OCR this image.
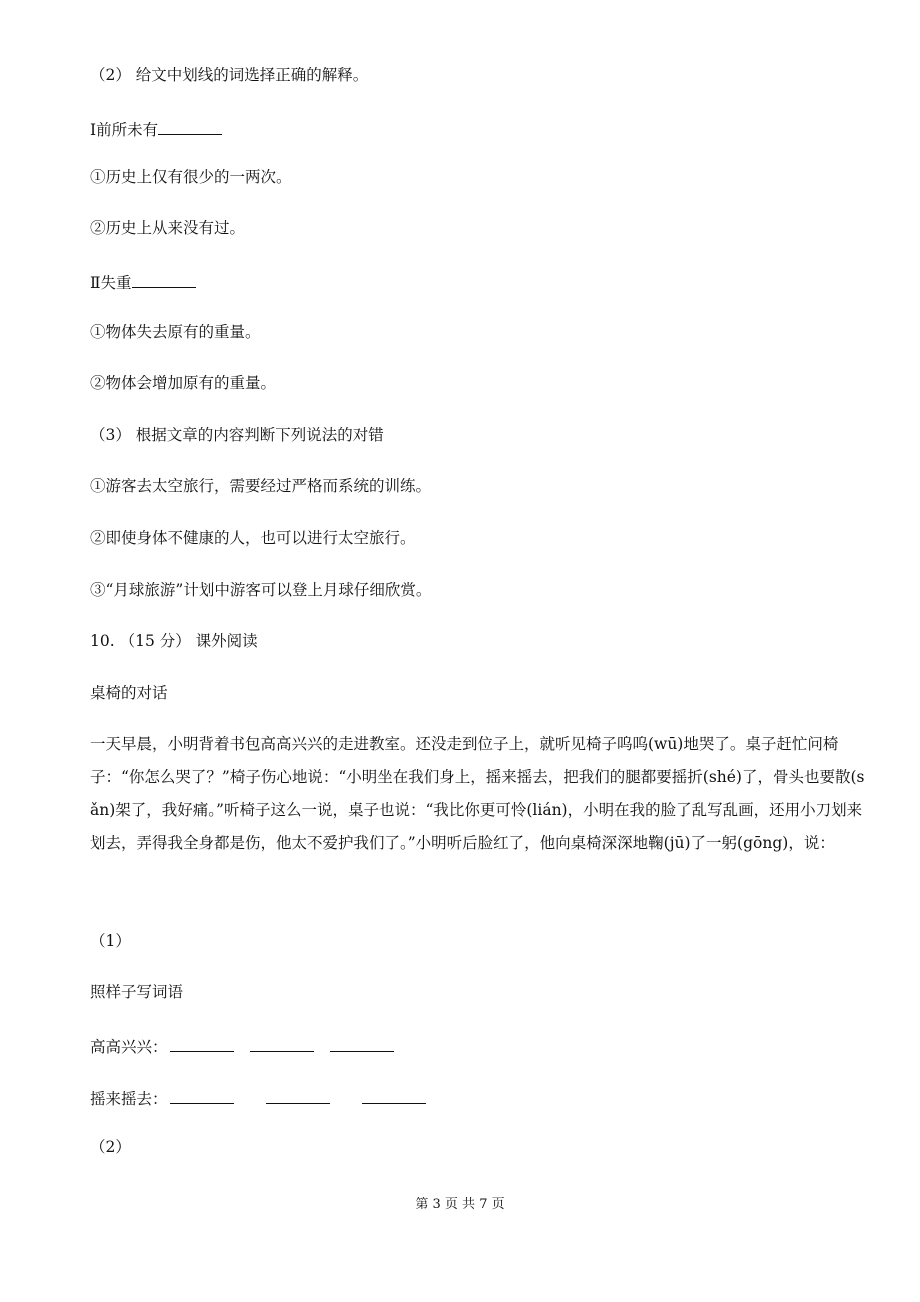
（2） 给文中划线的词选择正确的解释。
Ⅰ前所未有
①历史上仅有很少的一两次。
②历史上从来没有过。
Ⅱ失重
①物体失去原有的重量。
②物体会增加原有的重量。
（3） 根据文章的内容判断下列说法的对错
①游客去太空旅行，需要经过严格而系统的训练。
②即使身体不健康的人，也可以进行太空旅行。
③“月球旅游”计划中游客可以登上月球仔细欣赏。
10. （15 分） 课外阅读
桌椅的对话
一天早晨，小明背着书包高高兴兴的走进教室。还没走到位子上，就听见椅子呜呜(wū)地哭了。桌子赶忙问椅子：“你怎么哭了？”椅子伤心地说：“小明坐在我们身上，摇来摇去，把我们的腿都要摇折(shé)了，骨头也要散(sǎn)架了，我好痛。”听椅子这么一说，桌子也说：“我比你更可怜(lián)，小明在我的脸了乱写乱画，还用小刀划来划去，弄得我全身都是伤，他太不爱护我们了。”小明听后脸红了，他向桌椅深深地鞠(jū)了一躬(gōng)，说：
（1）
照样子写词语
高高兴兴：
摇来摇去：
（2）
第 3 页 共 7 页
